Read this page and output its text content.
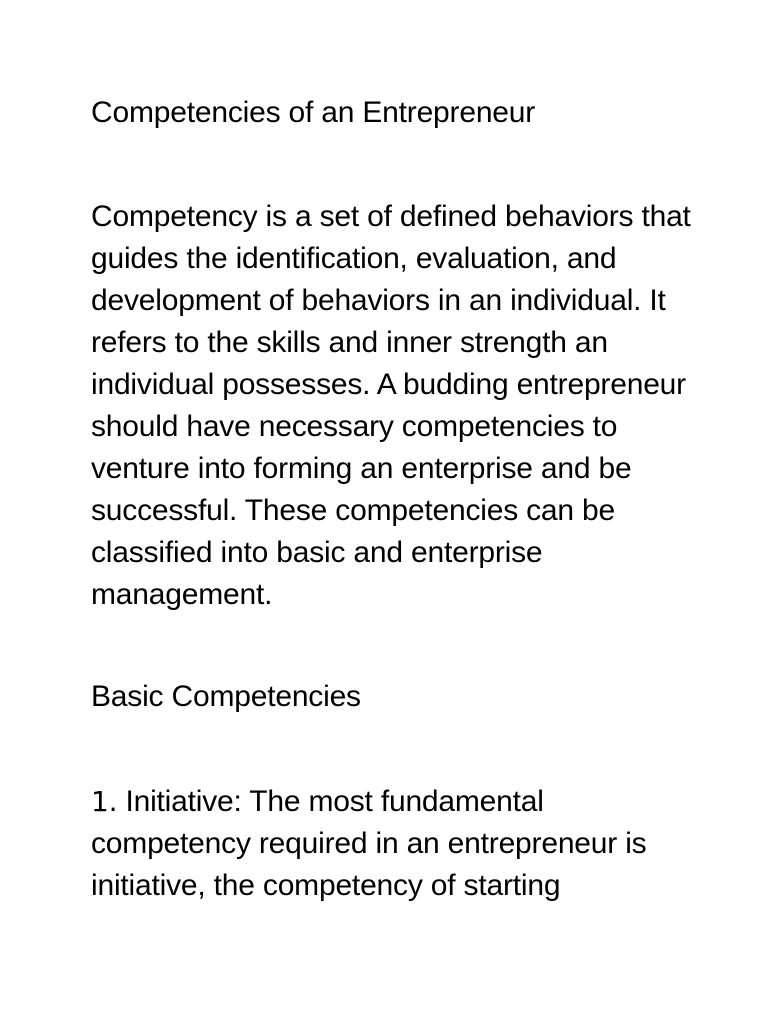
Competencies of an Entrepreneur
Competency is a set of defined behaviors that
guides the identification, evaluation, and
development of behaviors in an individual. It
refers to the skills and inner strength an
individual possesses. A budding entrepreneur
should have necessary competencies to
venture into forming an enterprise and be
successful. These competencies can be
classified into basic and enterprise
management.
Basic Competencies
1. Initiative: The most fundamental
competency required in an entrepreneur is
initiative, the competency of starting
